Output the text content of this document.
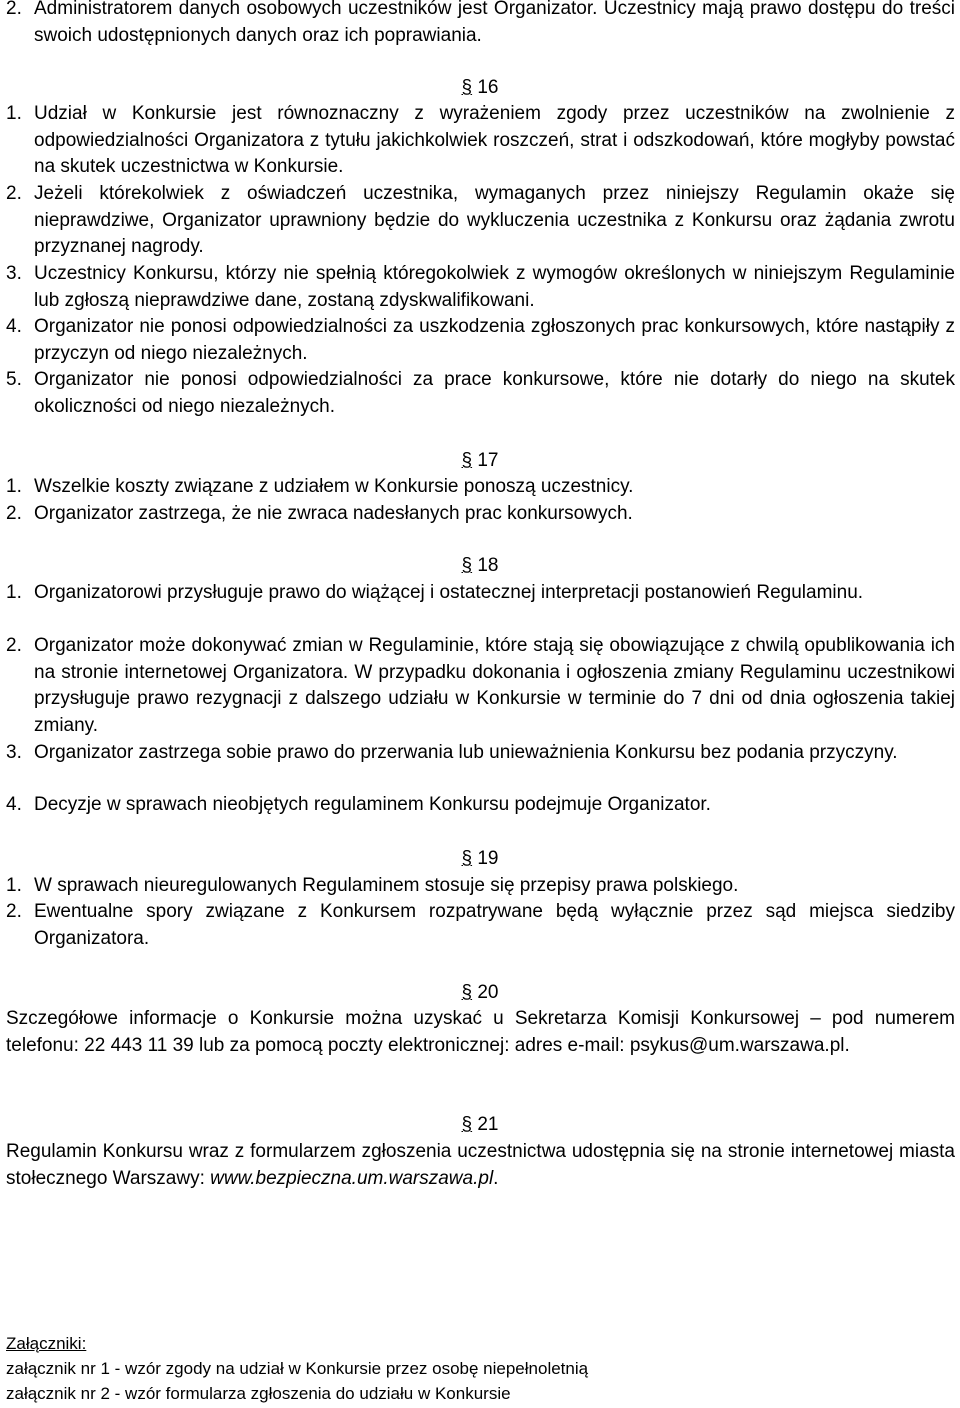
2. Administratorem danych osobowych uczestników jest Organizator. Uczestnicy mają prawo dostępu do treści swoich udostępnionych danych oraz ich poprawiania.

§ 16

1. Udział w Konkursie jest równoznaczny z wyrażeniem zgody przez uczestników na zwolnienie z odpowiedzialności Organizatora z tytułu jakichkolwiek roszczeń, strat i odszkodowań, które mogłyby powstać na skutek uczestnictwa w Konkursie.

2. Jeżeli którekolwiek z oświadczeń uczestnika, wymaganych przez niniejszy Regulamin okaże się nieprawdziwe, Organizator uprawniony będzie do wykluczenia uczestnika z Konkursu oraz żądania zwrotu przyznanej nagrody.

3. Uczestnicy Konkursu, którzy nie spełnią któregokolwiek z wymogów określonych w niniejszym Regulaminie lub zgłoszą nieprawdziwe dane, zostaną zdyskwalifikowani.

4. Organizator nie ponosi odpowiedzialności za uszkodzenia zgłoszonych prac konkursowych, które nastąpiły z przyczyn od niego niezależnych.

5. Organizator nie ponosi odpowiedzialności za prace konkursowe, które nie dotarły do niego na skutek okoliczności od niego niezależnych.

§ 17

1. Wszelkie koszty związane z udziałem w Konkursie ponoszą uczestnicy.

2. Organizator zastrzega, że nie zwraca nadesłanych prac konkursowych.

§ 18

1. Organizatorowi przysługuje prawo do wiążącej i ostatecznej interpretacji postanowień Regulaminu.

2. Organizator może dokonywać zmian w Regulaminie, które stają się obowiązujące z chwilą opublikowania ich na stronie internetowej Organizatora. W przypadku dokonania i ogłoszenia zmiany Regulaminu uczestnikowi przysługuje prawo rezygnacji z dalszego udziału w Konkursie w terminie do 7 dni od dnia ogłoszenia takiej zmiany.

3. Organizator zastrzega sobie prawo do przerwania lub unieważnienia Konkursu bez podania przyczyny.

4. Decyzje w sprawach nieobjętych regulaminem Konkursu podejmuje Organizator.

§ 19

1. W sprawach nieuregulowanych Regulaminem stosuje się przepisy prawa polskiego.

2. Ewentualne spory związane z Konkursem rozpatrywane będą wyłącznie przez sąd miejsca siedziby Organizatora.

§ 20

Szczegółowe informacje o Konkursie można uzyskać u Sekretarza Komisji Konkursowej – pod numerem telefonu: 22 443 11 39 lub za pomocą poczty elektronicznej: adres e-mail: psykus@um.warszawa.pl.

§ 21

Regulamin Konkursu wraz z formularzem zgłoszenia uczestnictwa udostępnia się na stronie internetowej miasta stołecznego Warszawy: www.bezpieczna.um.warszawa.pl.

Załączniki:

załącznik nr 1 - wzór zgody na udział w Konkursie przez osobę niepełnoletnią

załącznik nr 2 - wzór formularza zgłoszenia do udziału w Konkursie
